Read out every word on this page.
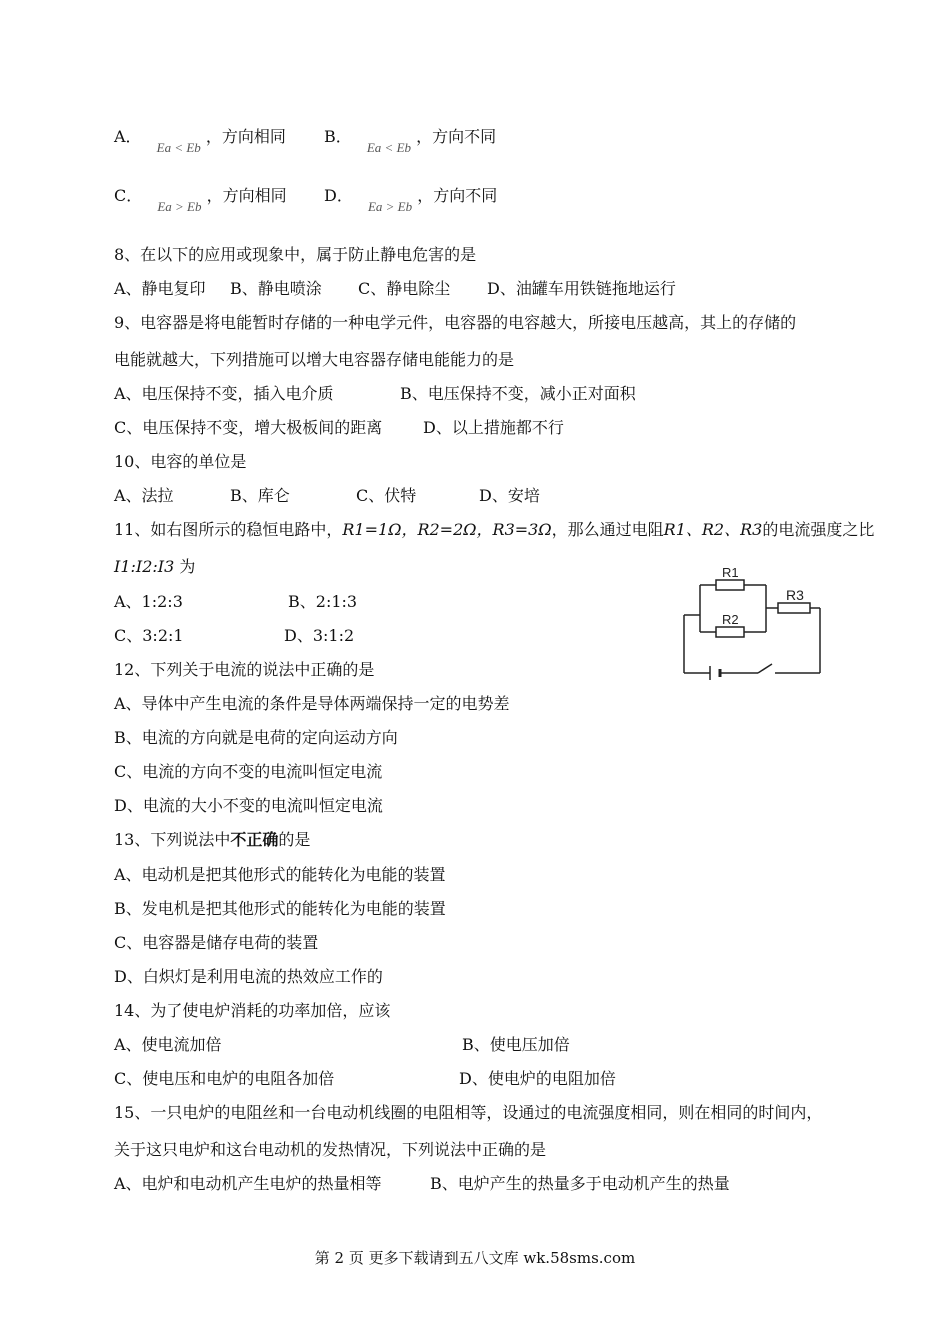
A． $_{Ea < Eb}$ ，方向相同 B． $_{Ea < Eb}$ ，方向不同
C． $_{Ea > Eb}$ ，方向相同 D． $_{Ea > Eb}$ ，方向不同
8、在以下的应用或现象中，属于防止静电危害的是
A、静电复印 B、静电喷涂 C、静电除尘 D、油罐车用铁链拖地运行
9、电容器是将电能暂时存储的一种电学元件，电容器的电容越大，所接电压越高，其上的存储的
电能就越大，下列措施可以增大电容器存储电能能力的是
A、电压保持不变，插入电介质	B、电压保持不变，减小正对面积
C、电压保持不变，增大极板间的距离	D、以上措施都不行
10、电容的单位是
A、法拉	B、库仑	C、伏特	D、安培
11、如右图所示的稳恒电路中，R1=1Ω，R2=2Ω，R3=3Ω，那么通过电阻R1、R2、R3的电流强度之比
I1:I2:I3 为
A、1:2:3	B、2:1:3
C、3:2:1	D、3:1:2
R1
R2
R3
12、下列关于电流的说法中正确的是
A、导体中产生电流的条件是导体两端保持一定的电势差
B、电流的方向就是电荷的定向运动方向
C、电流的方向不变的电流叫恒定电流
D、电流的大小不变的电流叫恒定电流
13、下列说法中不正确的是
A、电动机是把其他形式的能转化为电能的装置
B、发电机是把其他形式的能转化为电能的装置
C、电容器是储存电荷的装置
D、白炽灯是利用电流的热效应工作的
14、为了使电炉消耗的功率加倍，应该
A、使电流加倍	B、使电压加倍
C、使电压和电炉的电阻各加倍	D、使电炉的电阻加倍
15、一只电炉的电阻丝和一台电动机线圈的电阻相等，设通过的电流强度相同，则在相同的时间内，
关于这只电炉和这台电动机的发热情况，下列说法中正确的是
A、电炉和电动机产生电炉的热量相等	B、电炉产生的热量多于电动机产生的热量
第 2 页 更多下载请到五八文库 wk.58sms.com
